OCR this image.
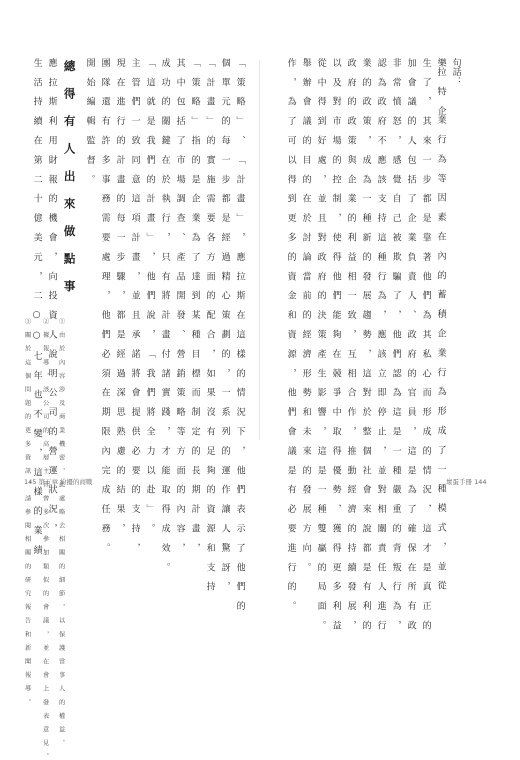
句話：
樂拉 特 企業 行 為 等 因 素 在 內 的 蓄 積 企 業 行 為 形 成 了 一 種 模 式 ， 並 從
生 了 ， 其 來 一 步 都 是 靠 著 他 們 為 其 私 心 而 形 成 的 情 況 ， 這 才 是 真 正 的
加 會 議 的 人 包 括 了 企 業 負 責 人 、 政 府 的 官 員 ， 這 是 為 了 確 保 在 所 有 政
非 常 憤 怒 ， 感 覺 自 己 被 欺 騙 了 ， 他 們 認 為 這 是 一 種 嚴 重 的 背 叛 行 為 ，
認 為 政 府 不 應 該 支 持 這 種 行 為 ， 應 該 立 即 停 止 ， 並 對 相 關 責 任 人 進 行
業 的 政 策 ， 成 為 一 種 新 的 發 展 趨 勢 ， 這 對 於 整 個 社 會 來 說 都 是 有 利 的
政 府 的 政 策 與 企 業 的 利 益 相 一 致 ， 互 相 合 作 ， 推 動 經 濟 的 持 續 發 展 ，
以 及 對 市 場 的 控 制 ， 使 得 他 們 能 夠 在 競 爭 中 取 得 優 勢 ， 獲 得 更 多 利 益
從 中 得 到 好 處 ， 並 且 對 政 府 的 決 策 產 生 影 響 ， 這 是 一 種 雙 贏 的 局 面 。
舉 辦 會 議 的 目 的 在 於 討 論 當 前 的 經 濟 形 勢 和 未 來 的 發 展 方 向 。
作 ， 為 了 可 以 得 到 更 多 的 資 金 和 資 源 ， 他 們 會 議 是 有 必 要 進 行 的 。
「 策 略 」 、 「 計 畫 」 ， 應 拉 斯 在 這 樣 的 情 況 下 ， 他 們 表 示 了 他 們 的
個 單 元 的 每 一 步 都 是 經 過 精 心 策 劃 的 ， 一 系 列 的 運 作 讓 人 驚 訝 ，
「 計 畫 」 的 實 施 需 要 各 方 面 的 配 合 ， 如 果 沒 有 足 夠 的 資 源 和 支 持
「 策 略 」 指 的 是 企 業 為 了 達 到 某 種 目 標 而 制 定 的 長 期 計 畫 ，
其 中 包 括 了 市 場 調 查 、 產 品 開 發 、 營 銷 策 略 等 方 面 的 內 容 ，
成 功 的 關 鍵 在 於 執 行 ， 只 有 將 計 畫 付 諸 實 踐 ， 才 能 取 得 成 效 。
「 這 就 是 我 們 的 計 畫 」 ， 他 們 說 ， 「 我 們 將 全 力 以 赴 」 。
主 管 們 一 致 同 意 這 項 計 畫 ， 並 且 承 諾 將 會 提 供 必 要 的 支 持 ，
現 在 進 行 的 計 畫 的 每 一 步 驟 ， 都 是 經 過 深 思 熟 慮 的 結 果 ，
團 隊 還 有 許 多 事 務 需 要 處 理 ， 他 們 必 須 在 期 限 內 完 成 任 務 。
開 始 編 輯 監 督 。
總 得 有 人 出 來 做 點 事
應 拉 斯 利 用 財 報 的 機 會 ， 向 投 資 人 說 明 公 司 的 營 運 狀 況 ，
生 活 持 續 在 第 二 十 億 美 元 ， 二 ○ ○ 七 年 也 不 變 ， 這 樣 的 業 績	① 由 於 內 容 涉 及 商 業 機 密 ， 此 處 略 去 相 關 的 細 節 ， 以 保 護 當 事 人 的 權 益 。
② 據 報 導 ， 該 公 司 的 高 層 主 管 曾 多 次 參 加 類 似 的 會 議 ， 並 在 會 上 發 表 意 見 。
③ 關 於 這 個 問 題 的 更 多 資 訊 ， 請 參 閱 相 關 的 研 究 報 告 和 新 聞 報 導 。
145 第五章 紛擾的商戰	壞蛋手冊 144
